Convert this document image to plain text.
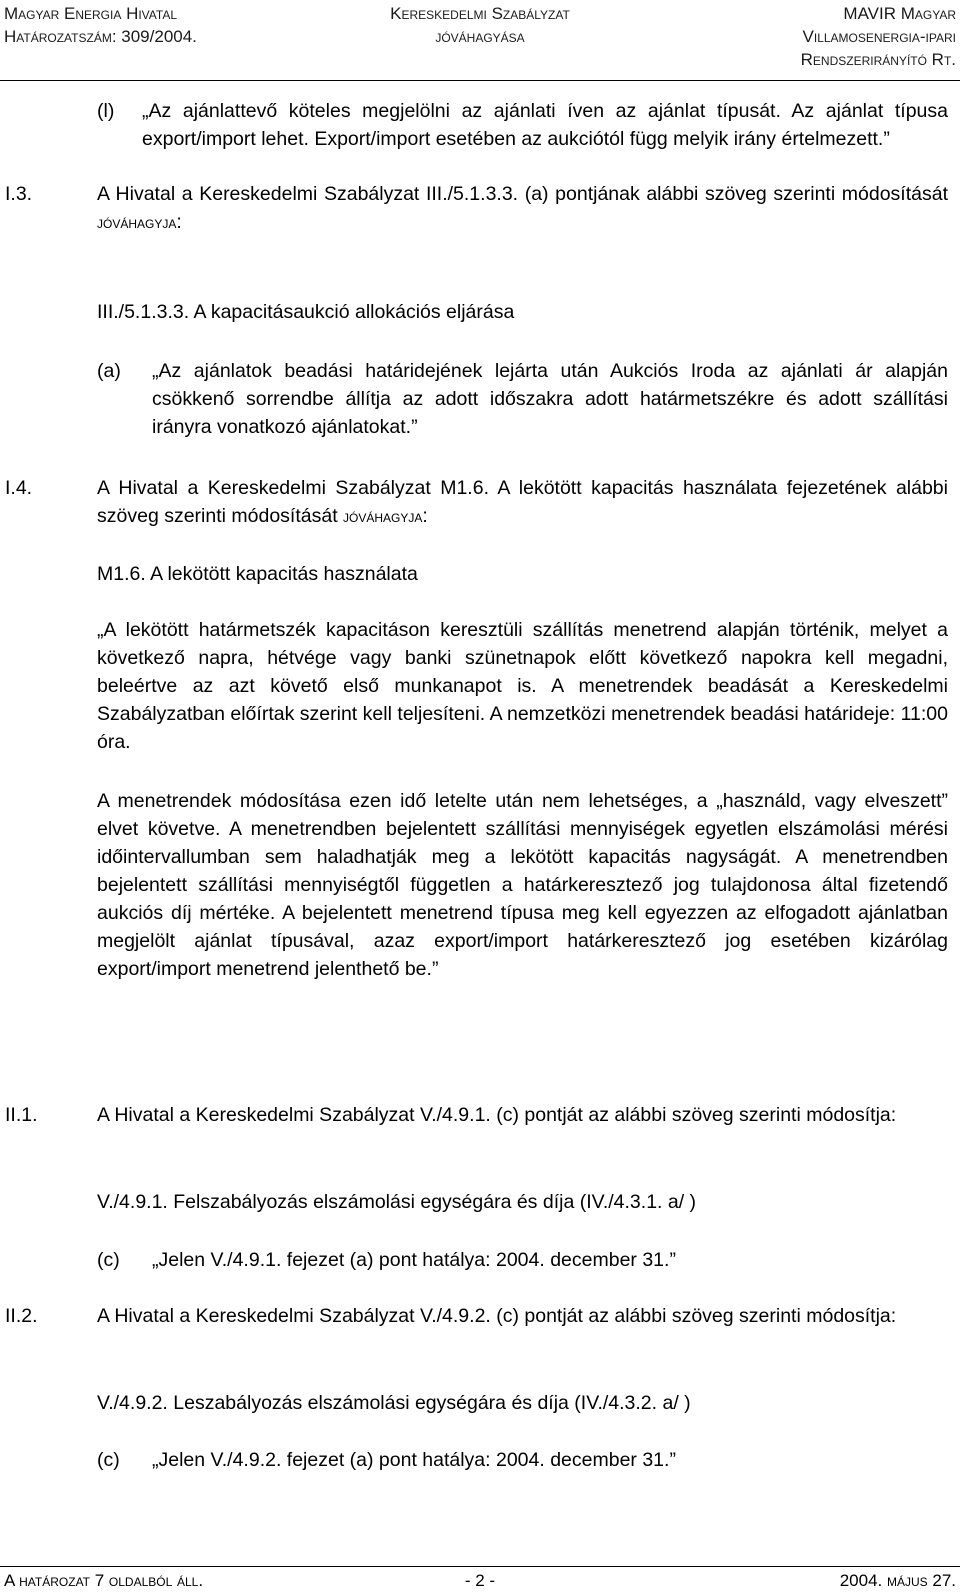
Magyar Energia Hivatal
Határozatszám: 309/2004.
Kereskedelmi Szabályzat
jóváhagyása
MAVIR Magyar
Villamosenergia-ipari
Rendszerirányító Rt.
(l) „Az ajánlattevő köteles megjelölni az ajánlati íven az ajánlat típusát. Az ajánlat típusa export/import lehet. Export/import esetében az aukciótól függ melyik irány értelmezett.”
I.3.	A Hivatal a Kereskedelmi Szabályzat III./5.1.3.3. (a) pontjának alábbi szöveg szerinti módosítását jóváhagyja:
III./5.1.3.3. A kapacitásaukció allokációs eljárása
(a) „Az ajánlatok beadási határidejének lejárta után Aukciós Iroda az ajánlati ár alapján csökkenő sorrendbe állítja az adott időszakra adott határmetszékre és adott szállítási irányra vonatkozó ajánlatokat.”
I.4.	A Hivatal a Kereskedelmi Szabályzat M1.6. A lekötött kapacitás használata fejezetének alábbi szöveg szerinti módosítását jóváhagyja:
M1.6. A lekötött kapacitás használata
„A lekötött határmetszék kapacitáson keresztüli szállítás menetrend alapján történik, melyet a következő napra, hétvége vagy banki szünetnapok előtt következő napokra kell megadni, beleértve az azt követő első munkanapot is. A menetrendek beadását a Kereskedelmi Szabályzatban előírtak szerint kell teljesíteni. A nemzetközi menetrendek beadási határideje: 11:00 óra.
A menetrendek módosítása ezen idő letelte után nem lehetséges, a „használd, vagy elveszett” elvet követve. A menetrendben bejelentett szállítási mennyiségek egyetlen elszámolási mérési időintervallumban sem haladhatják meg a lekötött kapacitás nagyságát. A menetrendben bejelentett szállítási mennyiségtől független a határkeresztező jog tulajdonosa által fizetendő aukciós díj mértéke. A bejelentett menetrend típusa meg kell egyezzen az elfogadott ajánlatban megjelölt ajánlat típusával, azaz export/import határkeresztező jog esetében kizárólag export/import menetrend jelenthető be.”
II.1.	A Hivatal a Kereskedelmi Szabályzat V./4.9.1. (c) pontját az alábbi szöveg szerinti módosítja:
V./4.9.1. Felszabályozás elszámolási egységára és díja (IV./4.3.1. a/ )
(c) „Jelen V./4.9.1. fejezet (a) pont hatálya: 2004. december 31.”
II.2.	A Hivatal a Kereskedelmi Szabályzat V./4.9.2. (c) pontját az alábbi szöveg szerinti módosítja:
V./4.9.2. Leszabályozás elszámolási egységára és díja (IV./4.3.2. a/ )
(c) „Jelen V./4.9.2. fejezet (a) pont hatálya: 2004. december 31.”
A határozat 7 oldalból áll.	- 2 -	2004. május 27.
